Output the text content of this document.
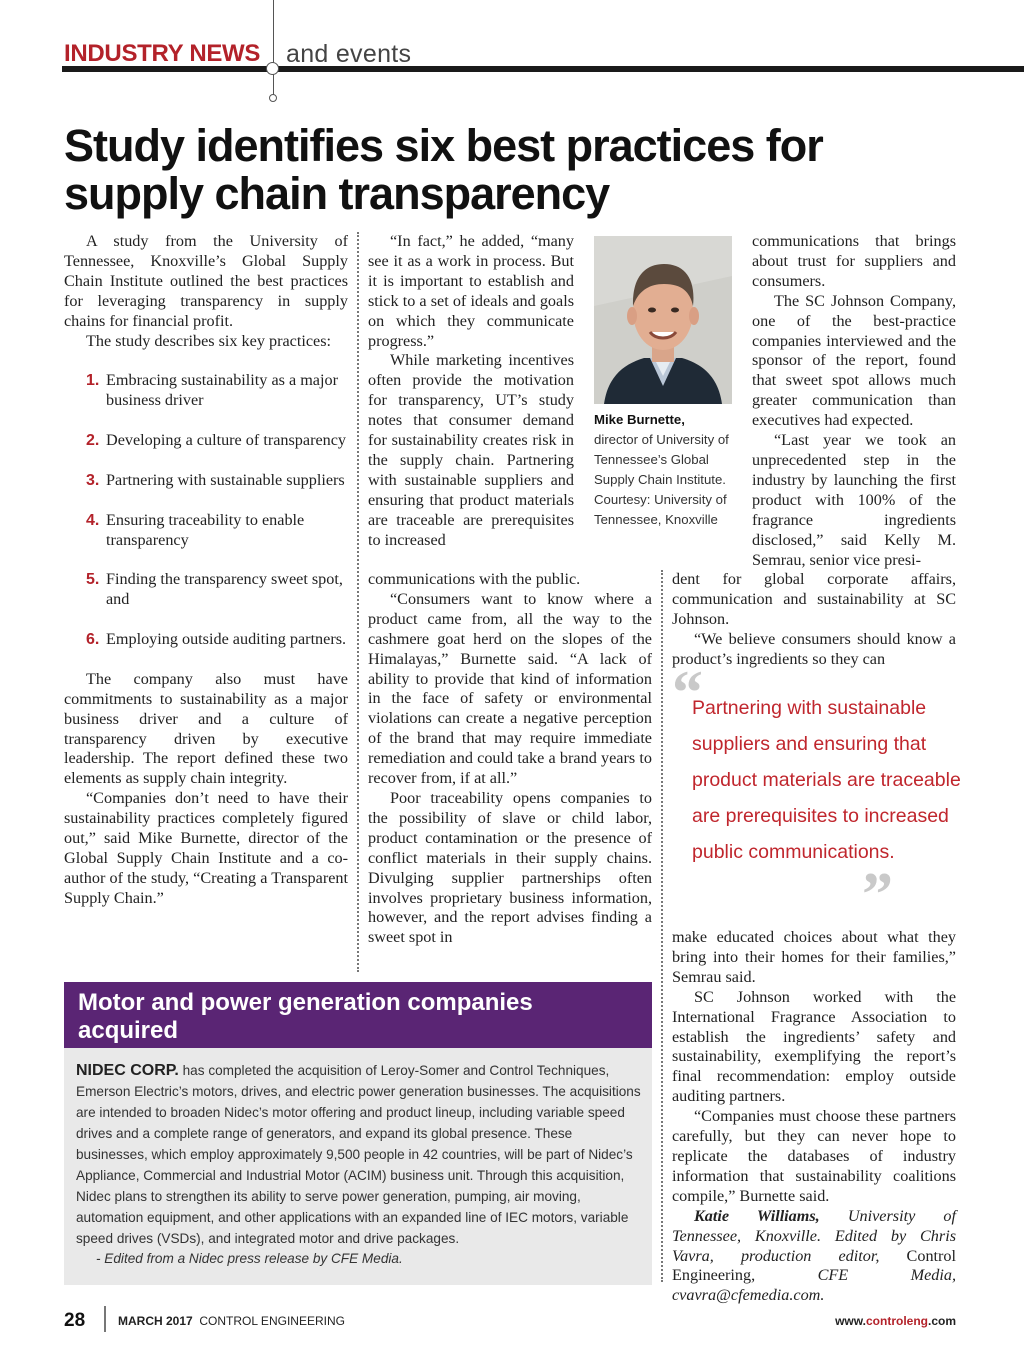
INDUSTRY NEWS and events
Study identifies six best practices for supply chain transparency

A study from the University of Tennessee, Knoxville’s Global Supply Chain Institute outlined the best practices for leveraging transparency in supply chains for financial profit.

The study describes six key practices:

1. Embracing sustainability as a major business driver
2. Developing a culture of transparency
3. Partnering with sustainable suppliers
4. Ensuring traceability to enable transparency
5. Finding the transparency sweet spot, and
6. Employing outside auditing partners.

The company also must have commitments to sustainability as a major business driver and a culture of transparency driven by executive leadership. The report defined these two elements as supply chain integrity.

“Companies don’t need to have their sustainability practices completely figured out,” said Mike Burnette, director of the Global Supply Chain Institute and a co-author of the study, “Creating a Transparent Supply Chain.”

“In fact,” he added, “many see it as a work in process. But it is important to establish and stick to a set of ideals and goals on which they communicate progress.”

While marketing incentives often provide the motivation for transparency, UT’s study notes that consumer demand for sustainability creates risk in the supply chain. Partnering with sustainable suppliers and ensuring that product materials are traceable are prerequisites to increased

communications with the public.

“Consumers want to know where a product came from, all the way to the cashmere goat herd on the slopes of the Himalayas,” Burnette said. “A lack of ability to provide that kind of information in the face of safety or environmental violations can create a negative perception of the brand that may require immediate remediation and could take a brand years to recover from, if at all.”

Poor traceability opens companies to the possibility of slave or child labor, product contamination or the presence of conflict materials in their supply chains. Divulging supplier partnerships often involves proprietary business information, however, and the report advises finding a sweet spot in

Mike Burnette,
director of University of Tennessee’s Global Supply Chain Institute. Courtesy: University of Tennessee, Knoxville

communications that brings about trust for suppliers and consumers.

The SC Johnson Company, one of the best-practice companies interviewed and the sponsor of the report, found that sweet spot allows much greater communication than executives had expected.

“Last year we took an unprecedented step in the industry by launching the first product with 100% of the fragrance ingredients disclosed,” said Kelly M. Semrau, senior vice presi-

dent for global corporate affairs, communication and sustainability at SC Johnson.

“We believe consumers should know a product’s ingredients so they can

“
Partnering with sustainable suppliers and ensuring that product materials are traceable are prerequisites to increased public communications.
”

make educated choices about what they bring into their homes for their families,” Semrau said.

SC Johnson worked with the International Fragrance Association to establish the ingredients’ safety and sustainability, exemplifying the report’s final recommendation: employ outside auditing partners.

“Companies must choose these partners carefully, but they can never hope to replicate the databases of industry information that sustainability coalitions compile,” Burnette said.

Katie Williams, University of Tennessee, Knoxville. Edited by Chris Vavra, production editor, Control Engineering,	CFE Media, cvavra@cfemedia.com.

Motor and power generation companies acquired
NIDEC CORP. has completed the acquisition of Leroy-Somer and Control Techniques, Emerson Electric’s motors, drives, and electric power generation businesses. The acquisitions are intended to broaden Nidec’s motor offering and product lineup, including variable speed drives and a complete range of generators, and expand its global presence. These businesses, which employ approximately 9,500 people in 42 countries, will be part of Nidec’s Appliance, Commercial and Industrial Motor (ACIM) business unit. Through this acquisition, Nidec plans to strengthen its ability to serve power generation, pumping, air moving, automation equipment, and other applications with an expanded line of IEC motors, variable speed drives (VSDs), and integrated motor and drive packages.
- Edited from a Nidec press release by CFE Media.
28	MARCH 2017 CONTROL ENGINEERING	www.controleng.com
